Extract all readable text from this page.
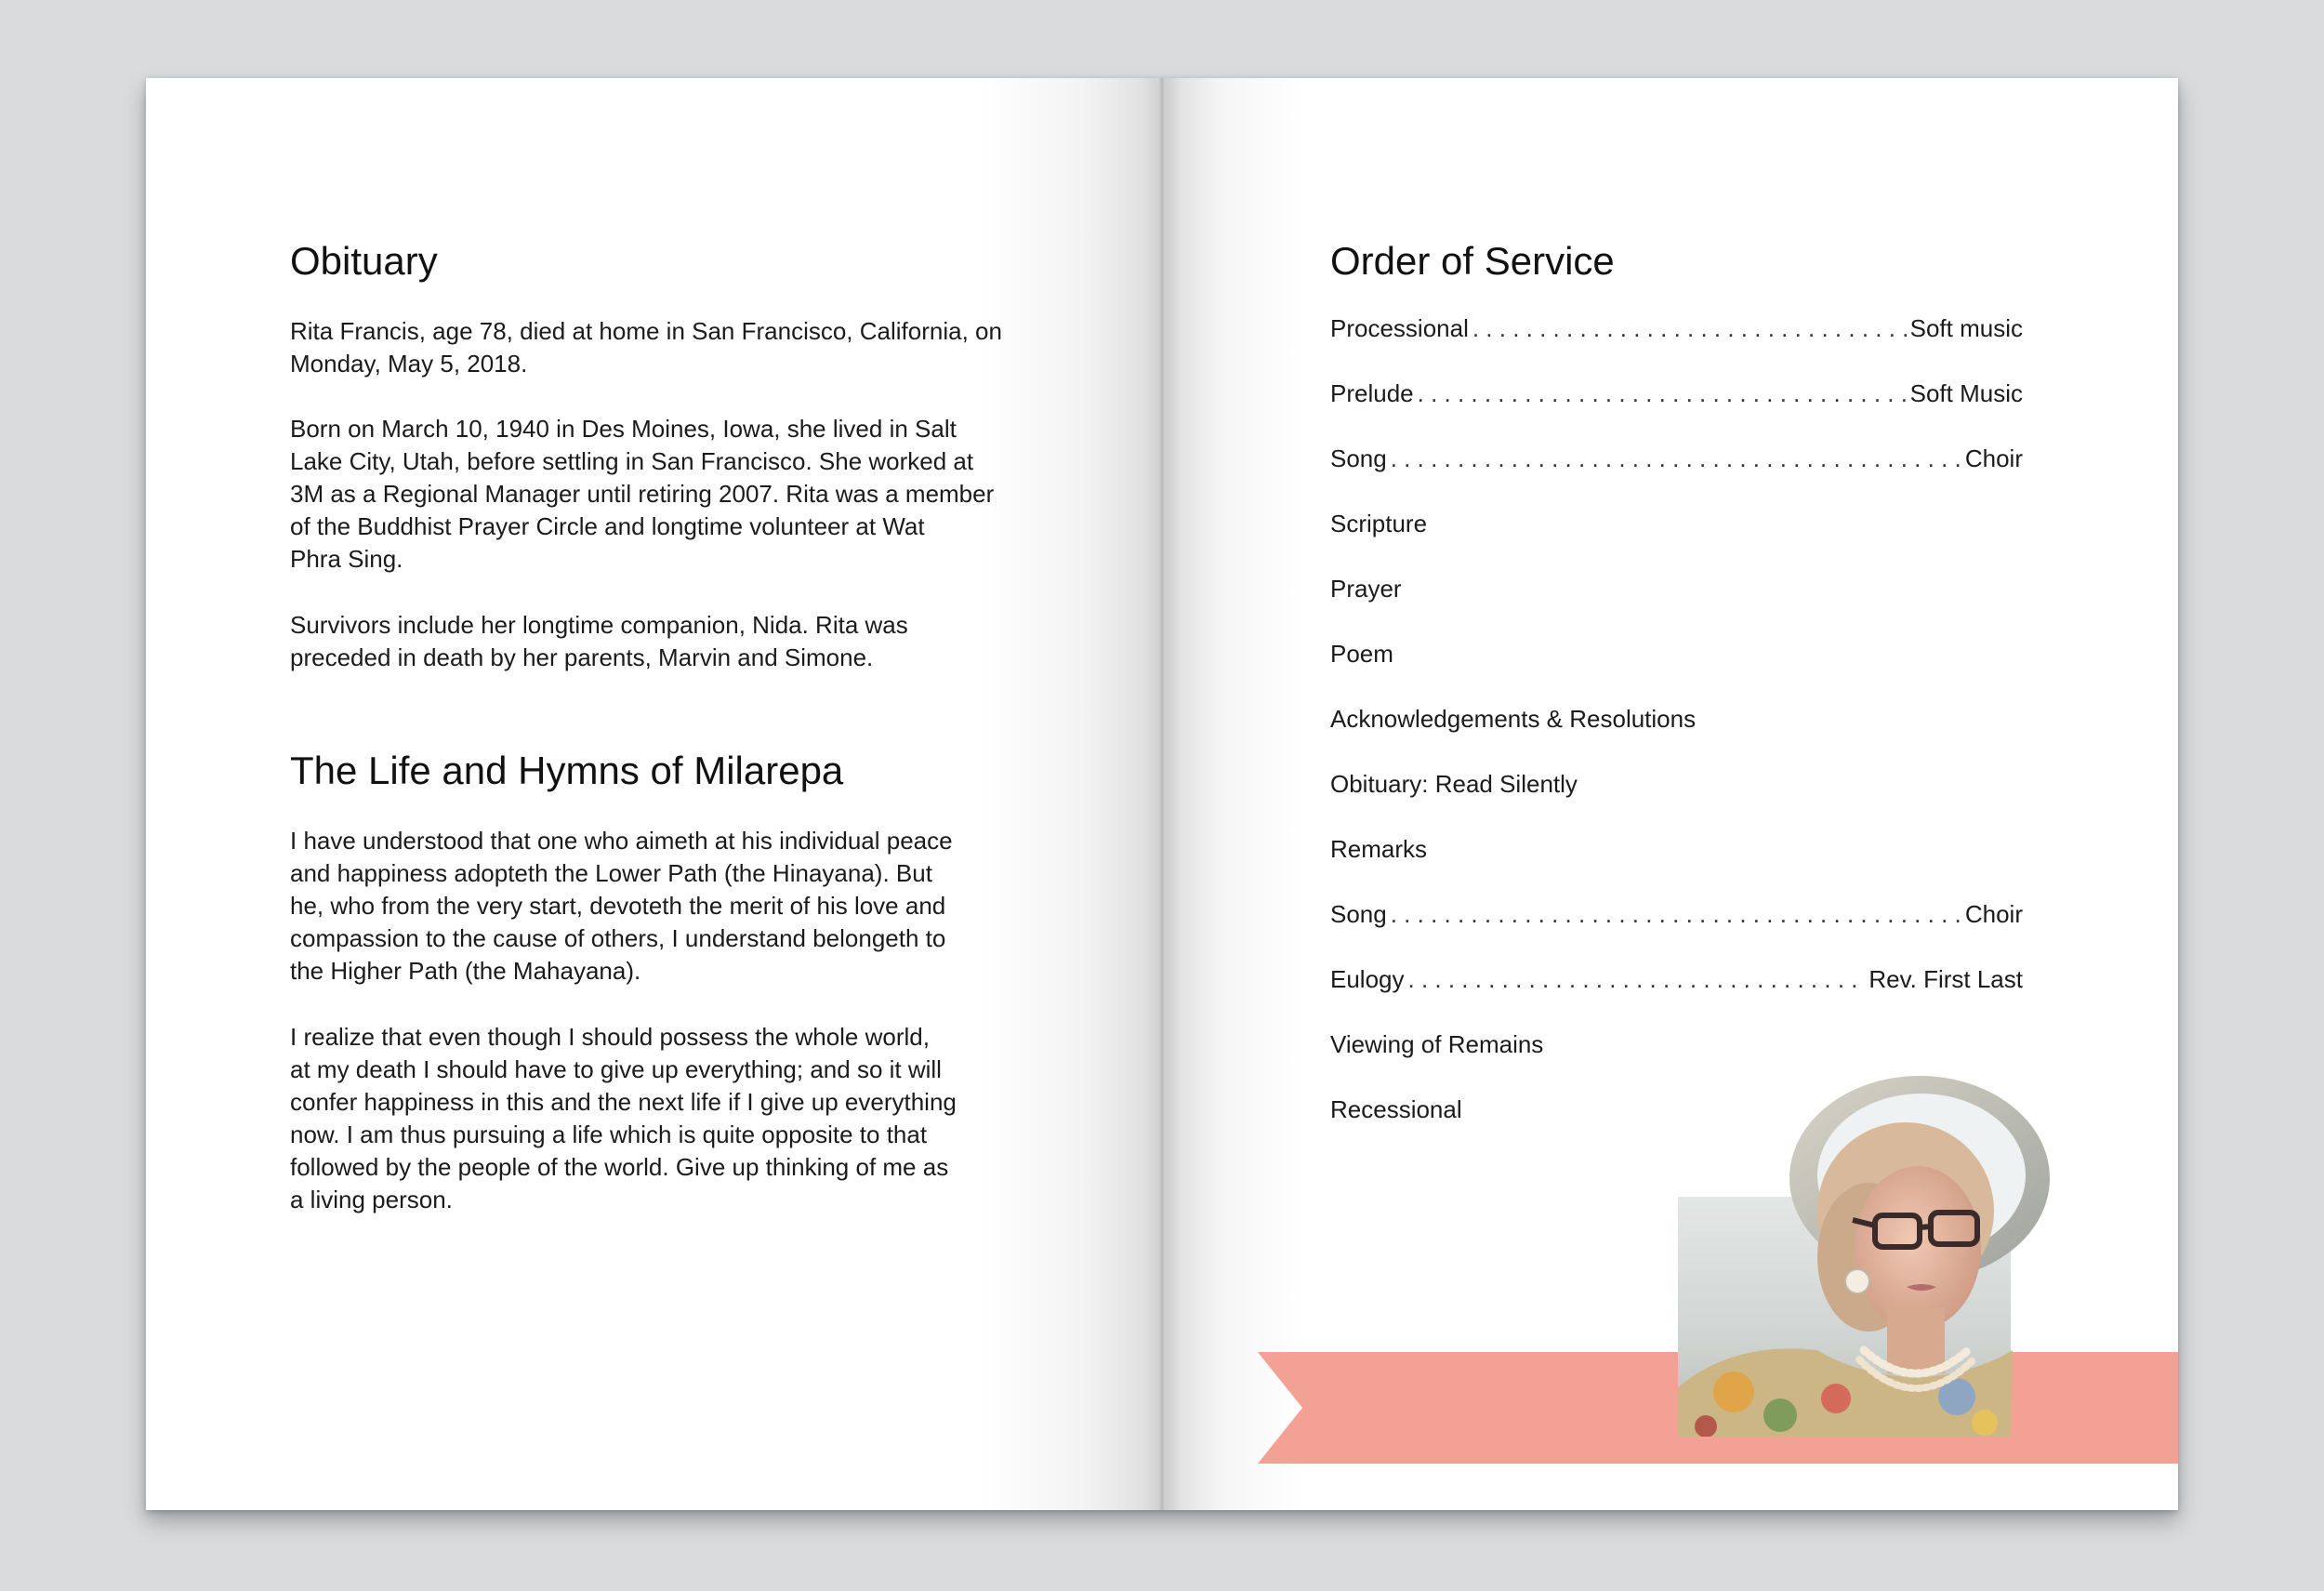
Obituary

Rita Francis, age 78, died at home in San Francisco, California, on
Monday, May 5, 2018.

Born on March 10, 1940 in Des Moines, Iowa, she lived in Salt
Lake City, Utah, before settling in San Francisco. She worked at
3M as a Regional Manager until retiring 2007. Rita was a member
of the Buddhist Prayer Circle and longtime volunteer at Wat
Phra Sing.

Survivors include her longtime companion, Nida. Rita was
preceded in death by her parents, Marvin and Simone.

The Life and Hymns of Milarepa

I have understood that one who aimeth at his individual peace
and happiness adopteth the Lower Path (the Hinayana). But
he, who from the very start, devoteth the merit of his love and
compassion to the cause of others, I understand belongeth to
the Higher Path (the Mahayana).

I realize that even though I should possess the whole world,
at my death I should have to give up everything; and so it will
confer happiness in this and the next life if I give up everything
now. I am thus pursuing a life which is quite opposite to that
followed by the people of the world. Give up thinking of me as
a living person.

Order of Service
Processional . . .	Soft music
Prelude . . .	Soft Music
Song . . .	Choir
Scripture
Prayer
Poem
Acknowledgements & Resolutions
Obituary: Read Silently
Remarks
Song . . .	Choir
Eulogy . . .	Rev. First Last
Viewing of Remains
Recessional
